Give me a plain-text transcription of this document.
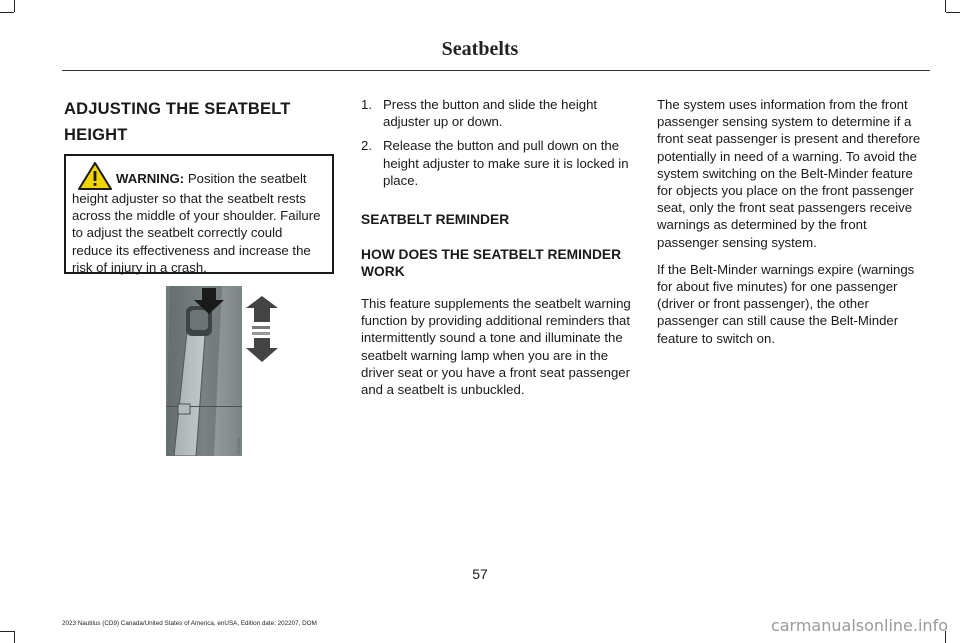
Seatbelts
ADJUSTING THE SEATBELT
HEIGHT
WARNING: Position the seatbelt height adjuster so that the seatbelt rests across the middle of your shoulder. Failure to adjust the seatbelt correctly could reduce its effectiveness and increase the risk of injury in a crash.
E138648
1. Press the button and slide the height adjuster up or down.
2. Release the button and pull down on the height adjuster to make sure it is locked in place.
SEATBELT REMINDER
HOW DOES THE SEATBELT REMINDER WORK

This feature supplements the seatbelt warning function by providing additional reminders that intermittently sound a tone and illuminate the seatbelt warning lamp when you are in the driver seat or you have a front seat passenger and a seatbelt is unbuckled.

The system uses information from the front passenger sensing system to determine if a front seat passenger is present and therefore potentially in need of a warning. To avoid the system switching on the Belt-Minder feature for objects you place on the front passenger seat, only the front seat passengers receive warnings as determined by the front passenger sensing system.

If the Belt-Minder warnings expire (warnings for about five minutes) for one passenger (driver or front passenger), the other passenger can still cause the Belt-Minder feature to switch on.

57
2023 Nautilus (CD9) Canada/United States of America, enUSA, Edition date: 202207, DOM	carmanualsonline.info
